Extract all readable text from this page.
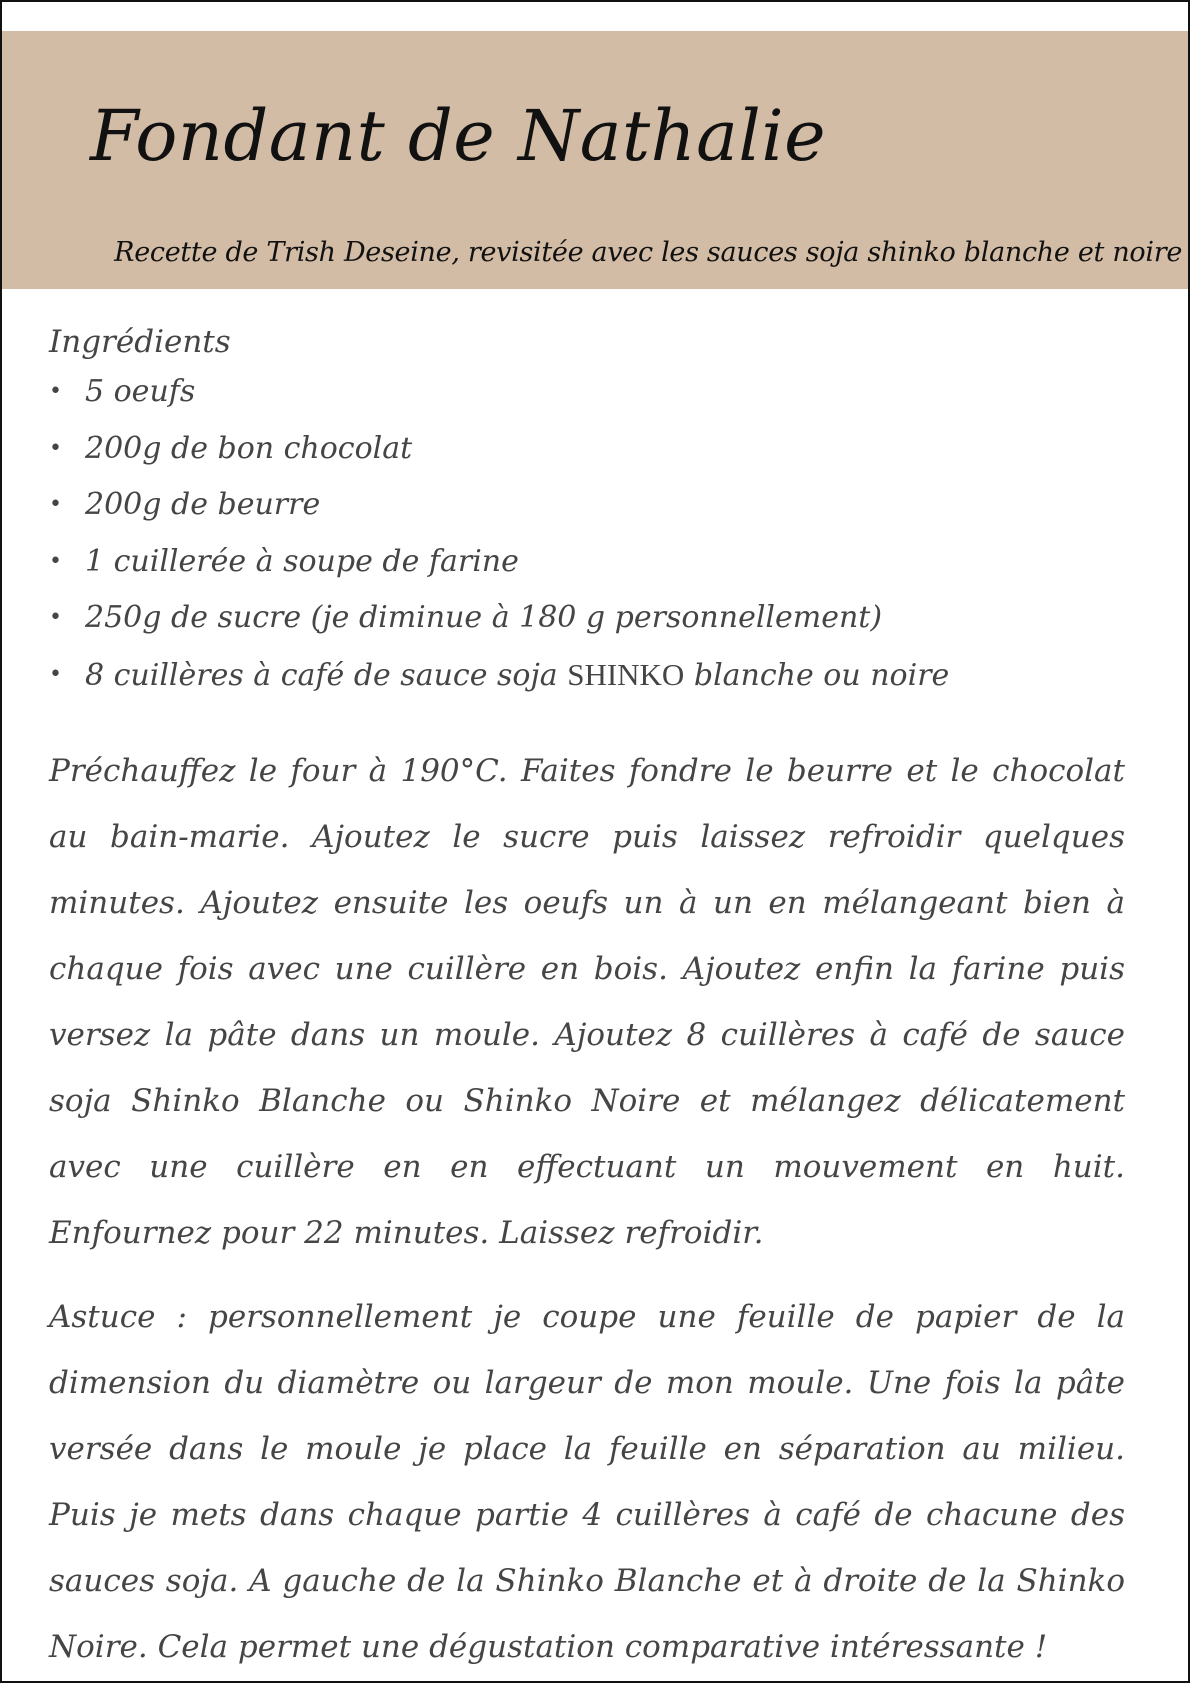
Fondant de Nathalie

Recette de Trish Deseine, revisitée avec les sauces soja shinko blanche et noire

Ingrédients
• 5 oeufs
• 200g de bon chocolat
• 200g de beurre
• 1 cuillerée à soupe de farine
• 250g de sucre (je diminue à 180 g personnellement)
• 8 cuillères à café de sauce soja SHINKO blanche ou noire

Préchauffez le four à 190°C. Faites fondre le beurre et le chocolat au bain-marie. Ajoutez le sucre puis laissez refroidir quelques minutes. Ajoutez ensuite les oeufs un à un en mélangeant bien à chaque fois avec une cuillère en bois. Ajoutez enfin la farine puis versez la pâte dans un moule. Ajoutez 8 cuillères à café de sauce soja Shinko Blanche ou Shinko Noire et mélangez délicatement avec une cuillère en en effectuant un mouvement en huit. Enfournez pour 22 minutes. Laissez refroidir.

Astuce : personnellement je coupe une feuille de papier de la dimension du diamètre ou largeur de mon moule. Une fois la pâte versée dans le moule je place la feuille en séparation au milieu. Puis je mets dans chaque partie 4 cuillères à café de chacune des sauces soja. A gauche de la Shinko Blanche et à droite de la Shinko Noire. Cela permet une dégustation comparative intéressante !
